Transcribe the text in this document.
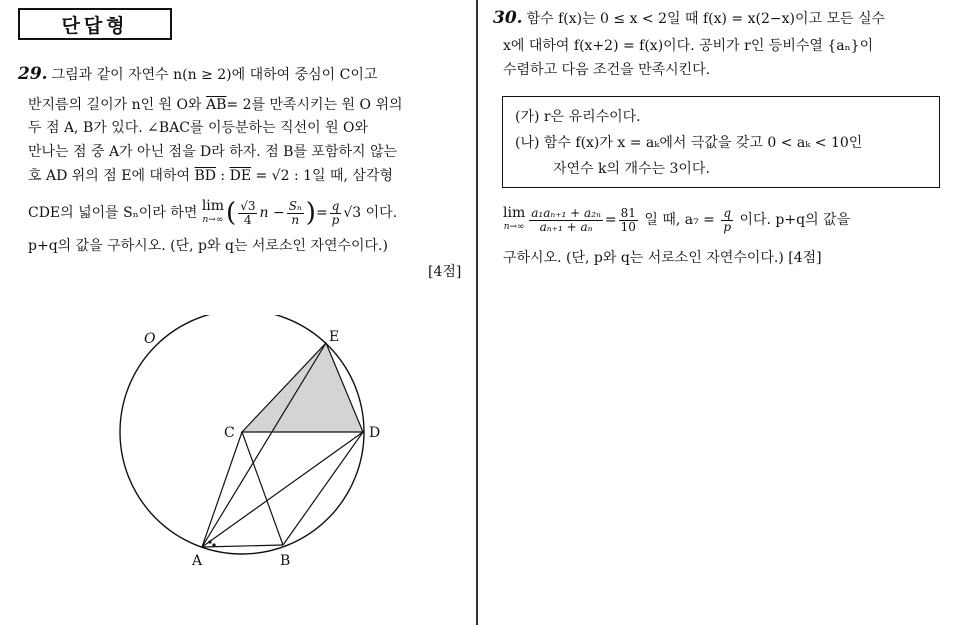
단답형
29. 그림과 같이 자연수 n(n ≥ 2)에 대하여 중심이 C이고
반지름의 길이가 n인 원 O와 $\overline{AB}= 2$를 만족시키는 원 O 위의
두 점 A, B가 있다. ∠BAC를 이등분하는 직선이 원 O와
만나는 점 중 A가 아닌 점을 D라 하자. 점 B를 포함하지 않는
호 AD 위의 점 E에 대하여 $\overline{BD}$ : $\overline{DE} = √2$ : 1일 때, 삼각형
CDE의 넓이를 Sₙ이라 하면 lim
n→∞ ( $\frac{√3}{4}$ $n - \frac{\text{Sₙ}}{n}$ )= $\frac{q}{p} √3$ 이다.
p+q의 값을 구하시오. (단, p와 q는 서로소인 자연수이다.)
[4점]
O	E
C	D
A	B
30. 함수 f(x)는 0 ≤ x < 2일 때 f(x) = x(2−x)이고 모든 실수
x에 대하여 f(x+2) = f(x)이다. 공비가 r인 등비수열 {aₙ}이
수렴하고 다음 조건을 만족시킨다.
(가) r은 유리수이다.
(나) 함수 f(x)가 x = aₖ에서 극값을 갖고 0 < aₖ < 10인
자연수 k의 개수는 3이다.
lim
$n\to\infty \frac{\text{a₁aₙ₊₁ + a₂ₙ}}{\text{aₙ₊₁ + aₙ}} = \frac{81}{10}$ 일 때, $a_7 = \frac{q}{p}$ 이다. p+q의 값을
구하시오. (단, p와 q는 서로소인 자연수이다.) [4점]
